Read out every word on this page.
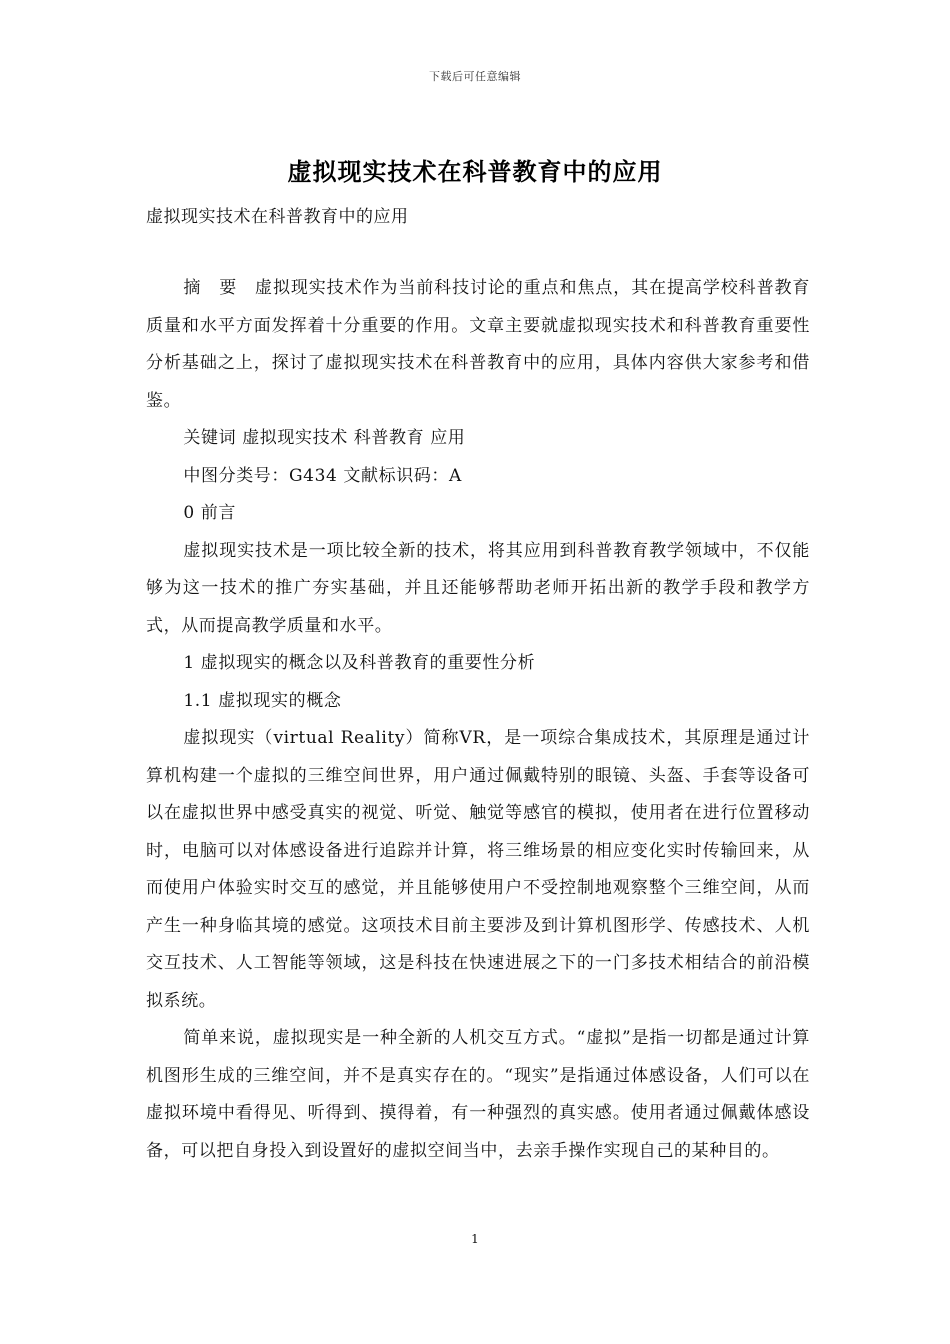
下载后可任意编辑
虚拟现实技术在科普教育中的应用
虚拟现实技术在科普教育中的应用

摘　要　虚拟现实技术作为当前科技讨论的重点和焦点，其在提高学校科普教育质量和水平方面发挥着十分重要的作用。文章主要就虚拟现实技术和科普教育重要性分析基础之上，探讨了虚拟现实技术在科普教育中的应用，具体内容供大家参考和借鉴。

关键词 虚拟现实技术 科普教育 应用

中图分类号：G434 文献标识码：A

0 前言

虚拟现实技术是一项比较全新的技术，将其应用到科普教育教学领域中，不仅能够为这一技术的推广夯实基础，并且还能够帮助老师开拓出新的教学手段和教学方式，从而提高教学质量和水平。

1 虚拟现实的概念以及科普教育的重要性分析

1.1 虚拟现实的概念

虚拟现实（virtual Reality）简称VR，是一项综合集成技术，其原理是通过计算机构建一个虚拟的三维空间世界，用户通过佩戴特别的眼镜、头盔、手套等设备可以在虚拟世界中感受真实的视觉、听觉、触觉等感官的模拟，使用者在进行位置移动时，电脑可以对体感设备进行追踪并计算，将三维场景的相应变化实时传输回来，从而使用户体验实时交互的感觉，并且能够使用户不受控制地观察整个三维空间，从而产生一种身临其境的感觉。这项技术目前主要涉及到计算机图形学、传感技术、人机交互技术、人工智能等领域，这是科技在快速进展之下的一门多技术相结合的前沿模拟系统。

简单来说，虚拟现实是一种全新的人机交互方式。“虚拟”是指一切都是通过计算机图形生成的三维空间，并不是真实存在的。“现实”是指通过体感设备，人们可以在虚拟环境中看得见、听得到、摸得着，有一种强烈的真实感。使用者通过佩戴体感设备，可以把自身投入到设置好的虚拟空间当中，去亲手操作实现自己的某种目的。

1
